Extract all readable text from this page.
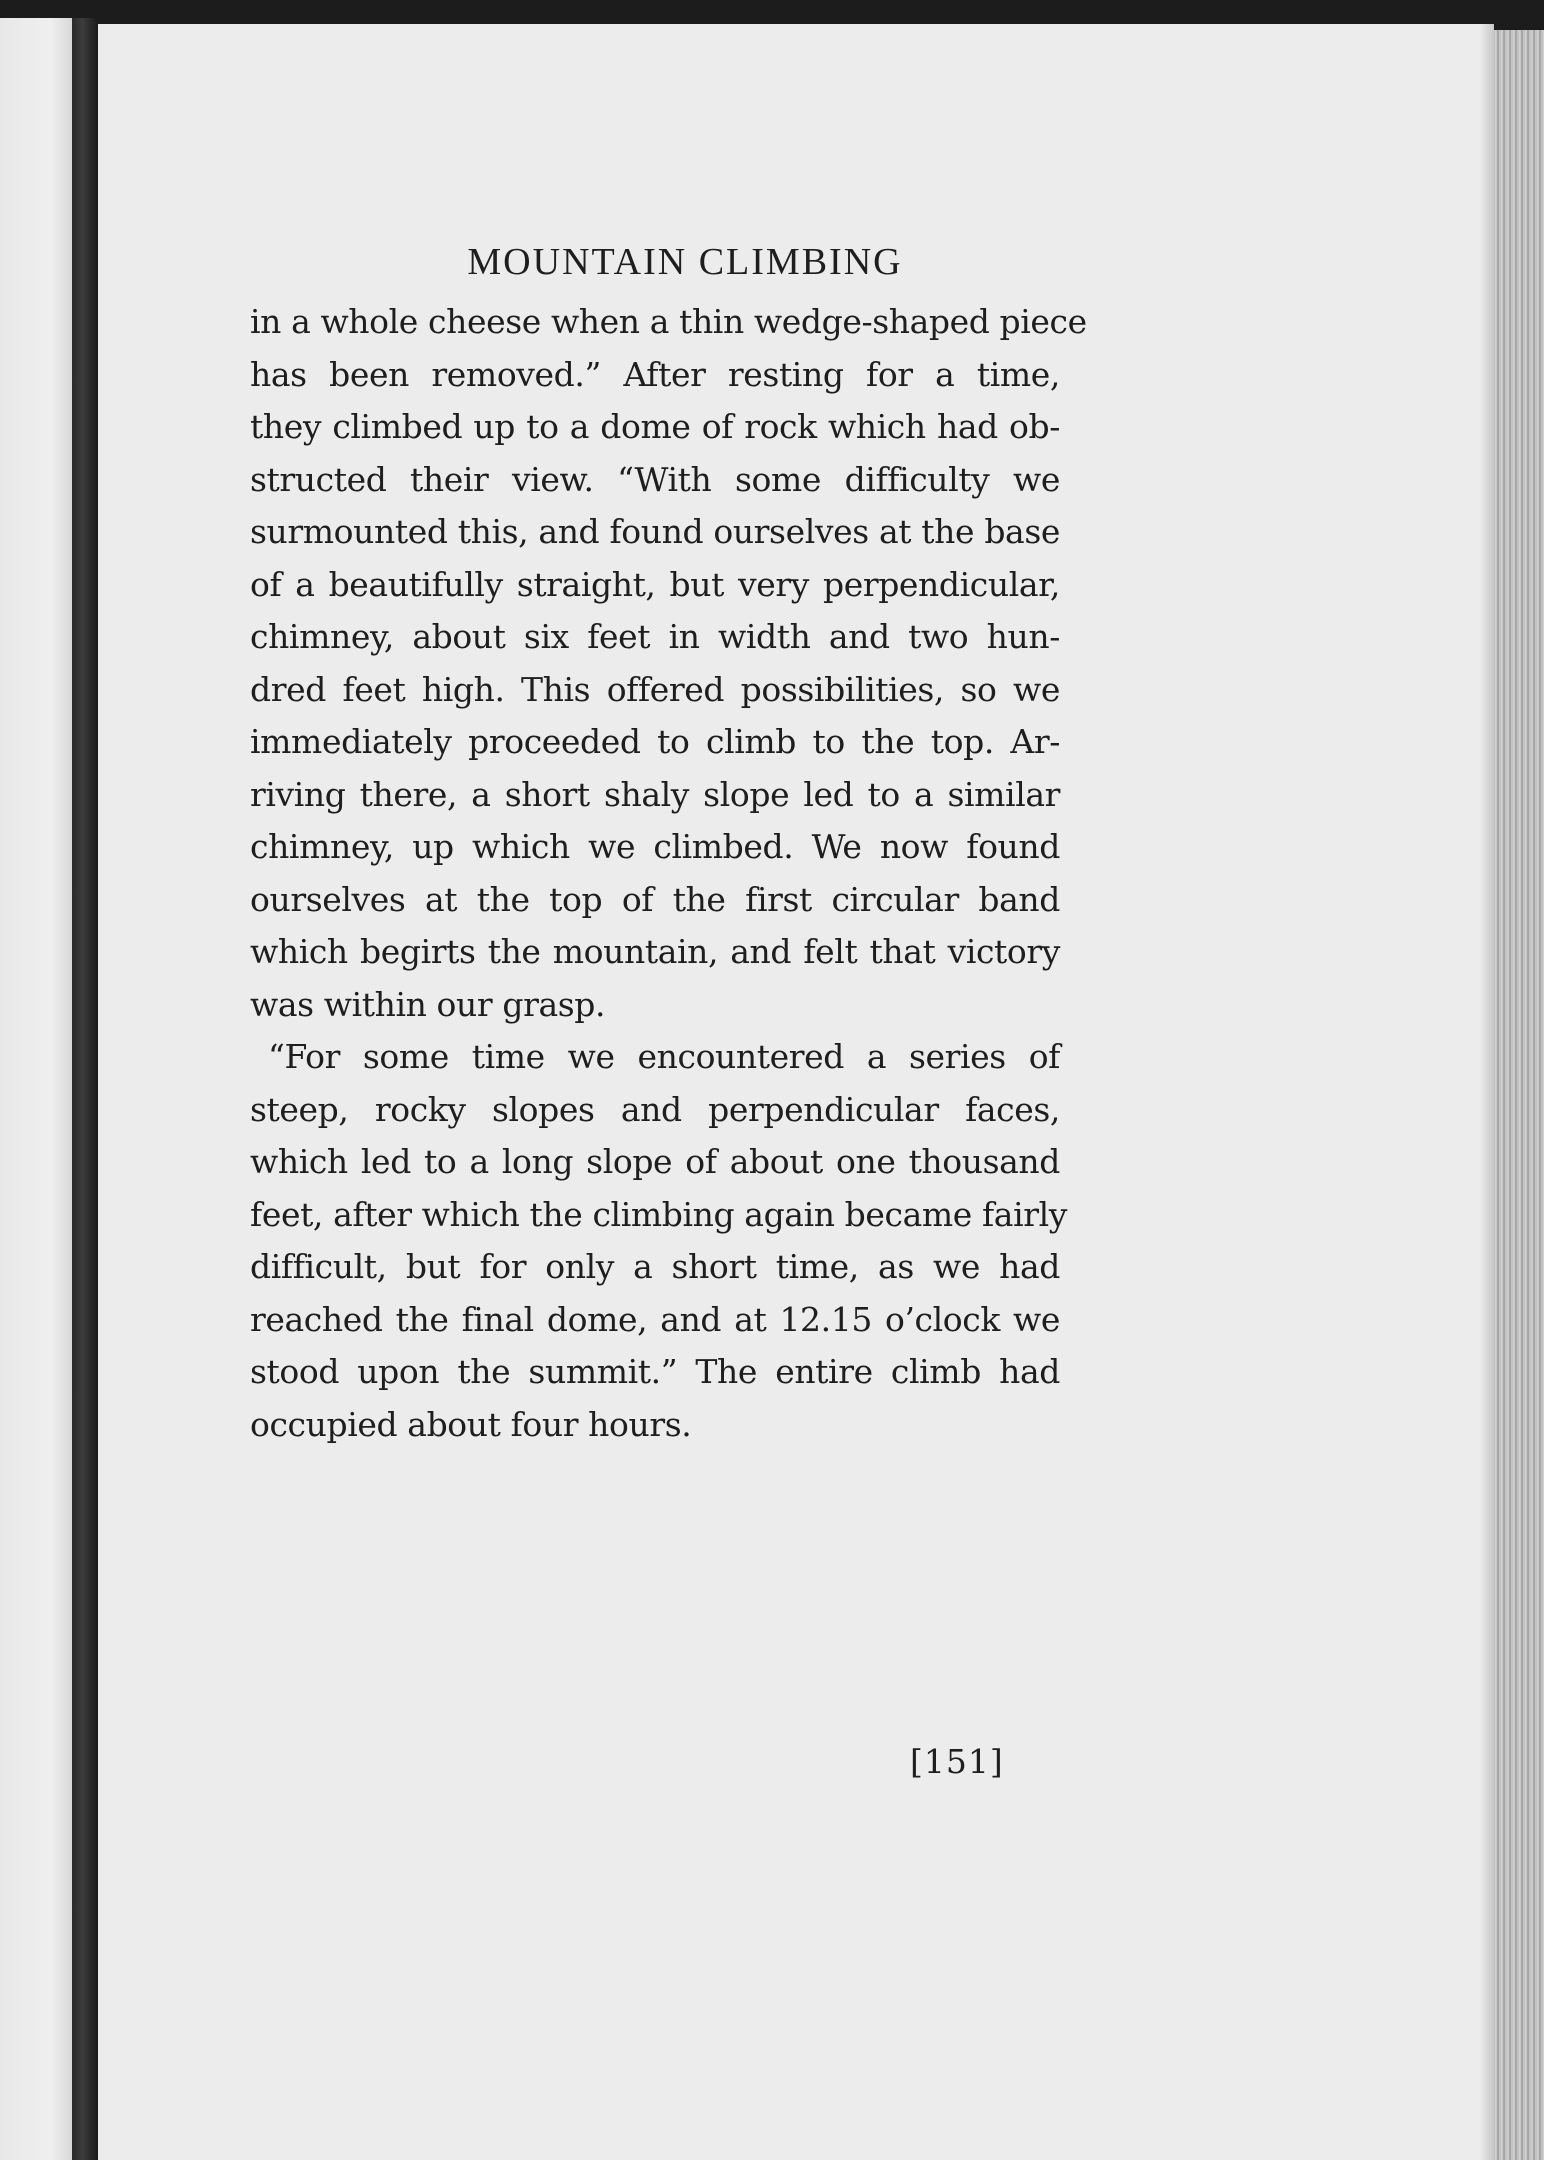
MOUNTAIN CLIMBING
in a whole cheese when a thin wedge-shaped piece
has been removed.” After resting for a time,
they climbed up to a dome of rock which had ob-
structed their view. “With some difficulty we
surmounted this, and found ourselves at the base
of a beautifully straight, but very perpendicular,
chimney, about six feet in width and two hun-
dred feet high. This offered possibilities, so we
immediately proceeded to climb to the top. Ar-
riving there, a short shaly slope led to a similar
chimney, up which we climbed. We now found
ourselves at the top of the first circular band
which begirts the mountain, and felt that victory
was within our grasp.
“For some time we encountered a series of
steep, rocky slopes and perpendicular faces,
which led to a long slope of about one thousand
feet, after which the climbing again became fairly
difficult, but for only a short time, as we had
reached the final dome, and at 12.15 o’clock we
stood upon the summit.” The entire climb had
occupied about four hours.
[151]
